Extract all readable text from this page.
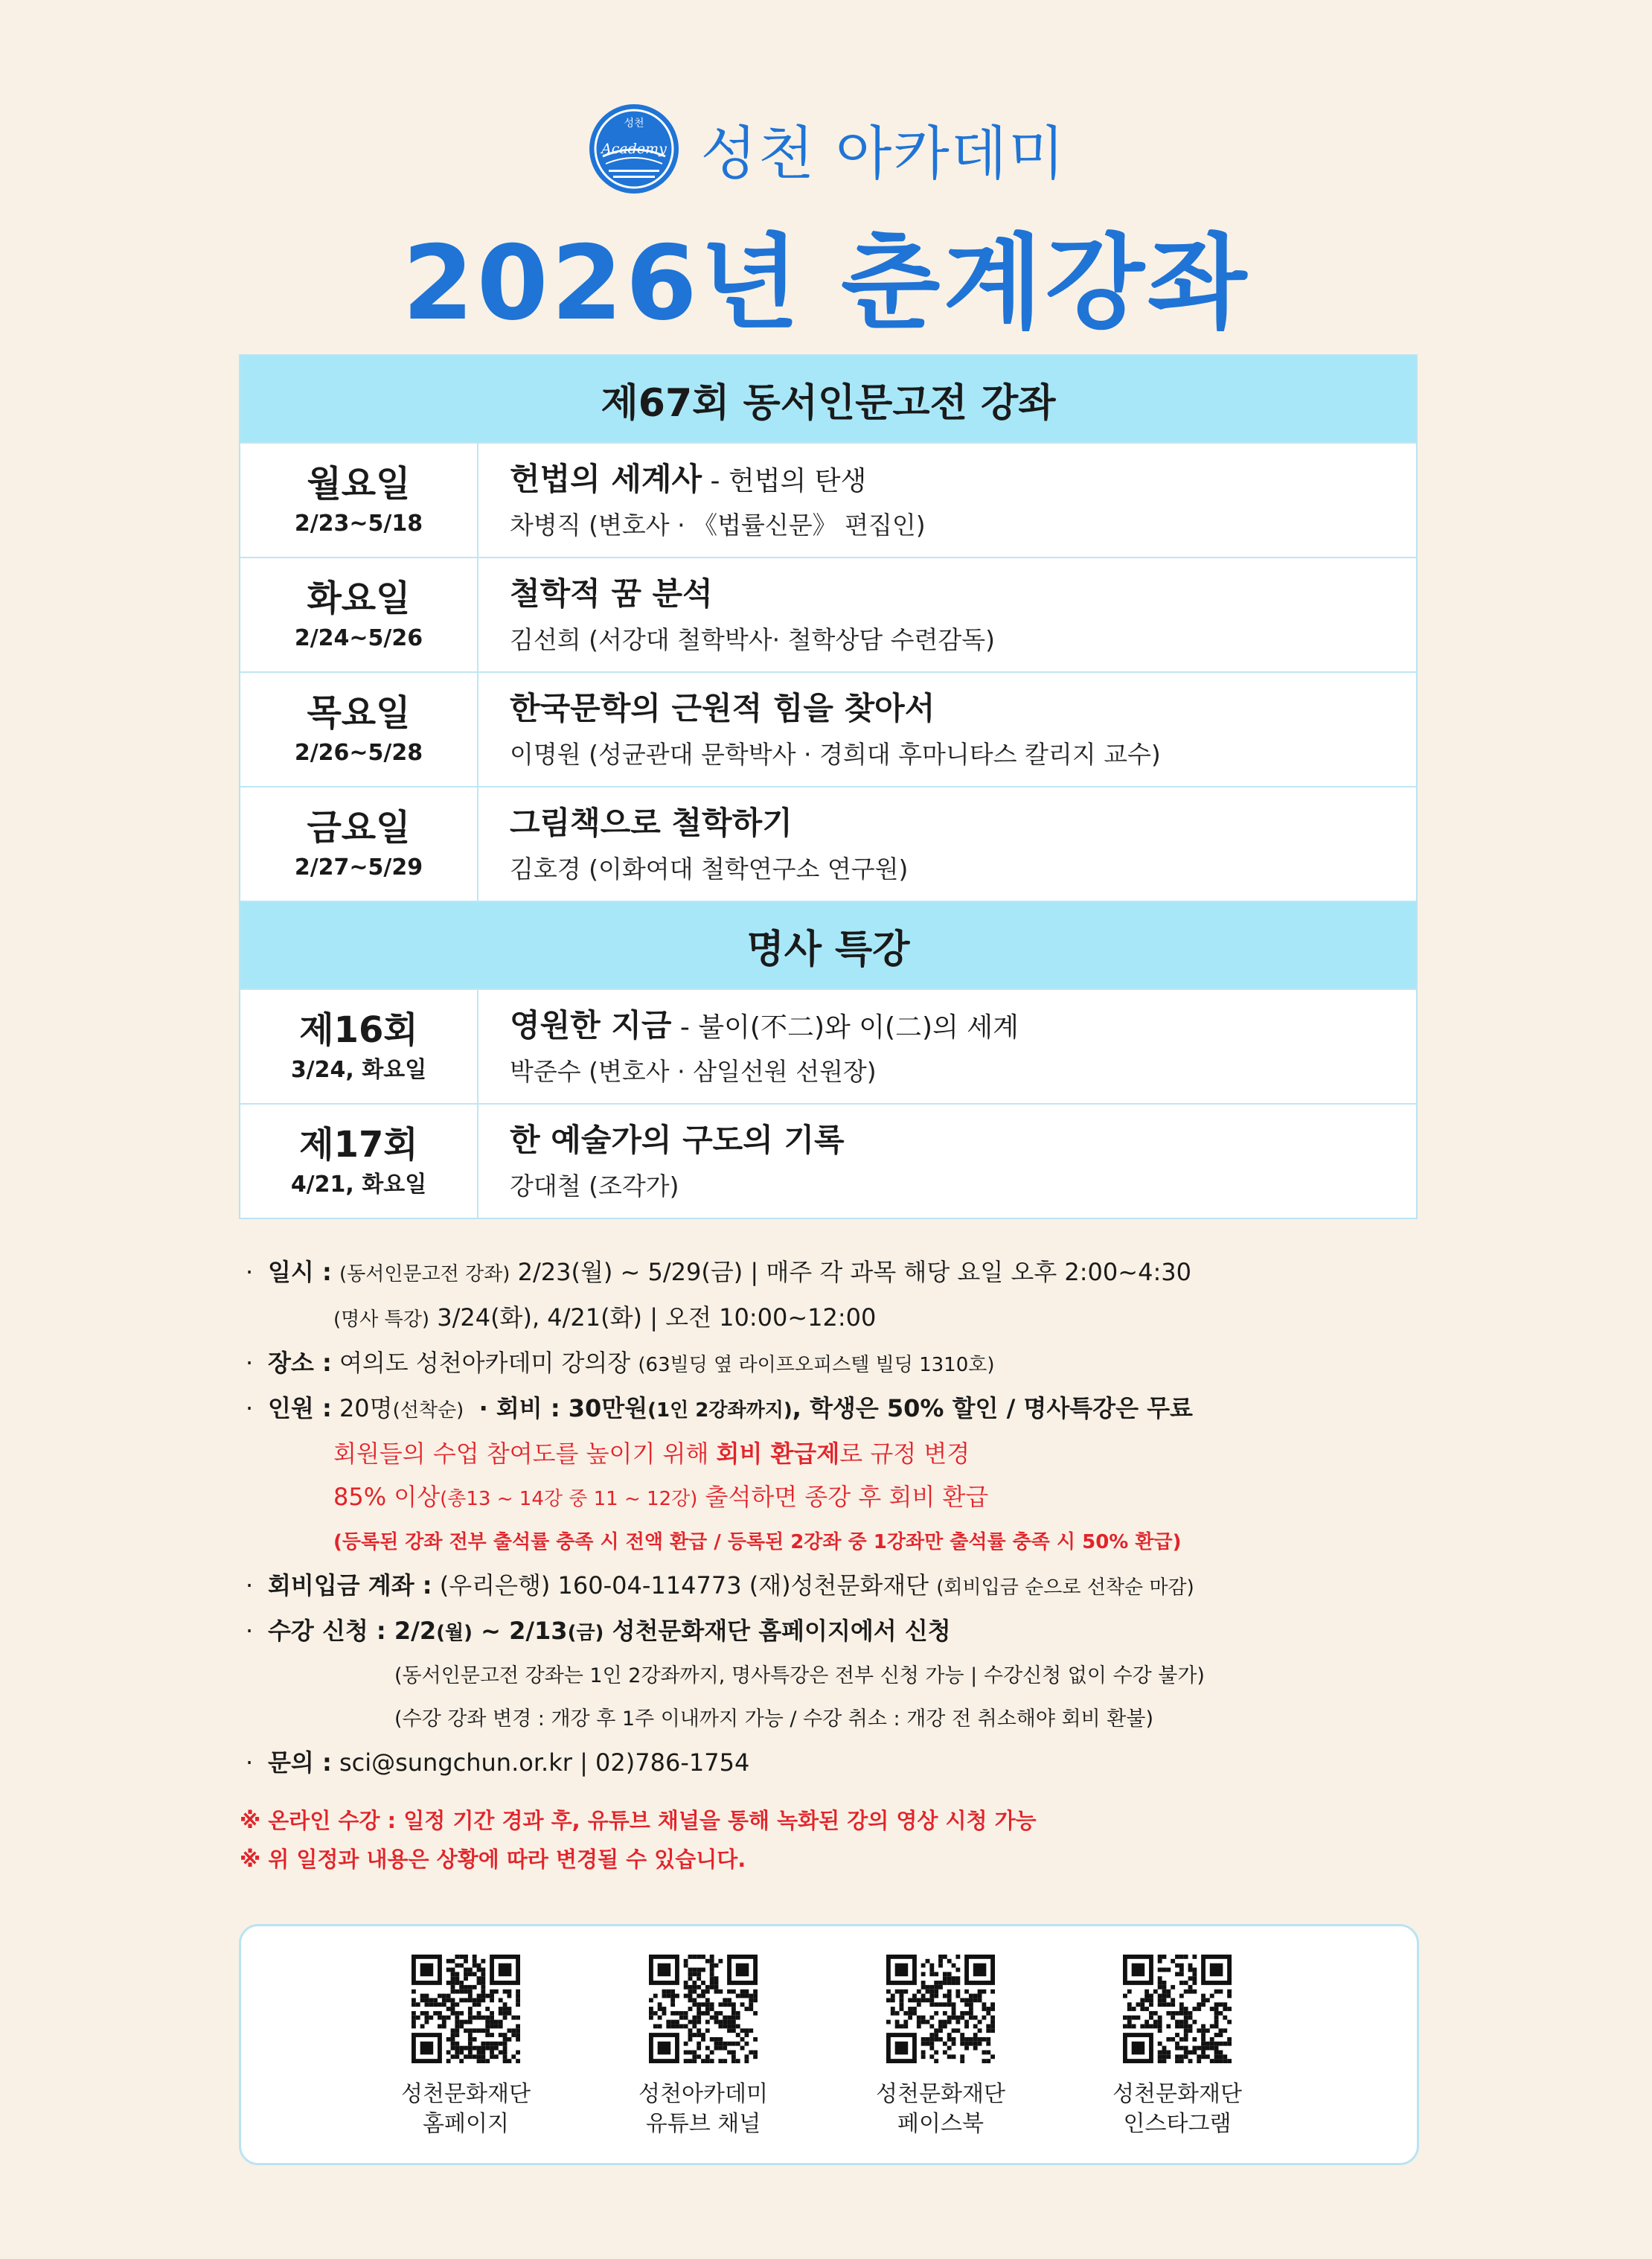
성천
Academy 성천 아카데미
2026년 춘계강좌
제67회 동서인문고전 강좌
월요일
2/23~5/18
헌법의 세계사 - 헌법의 탄생
차병직 (변호사 · 《법률신문》 편집인)
화요일
2/24~5/26
철학적 꿈 분석
김선희 (서강대 철학박사· 철학상담 수련감독)
목요일
2/26~5/28
한국문학의 근원적 힘을 찾아서
이명원 (성균관대 문학박사 · 경희대 후마니타스 칼리지 교수)
금요일
2/27~5/29
그림책으로 철학하기
김호경 (이화여대 철학연구소 연구원)
명사 특강
제16회
3/24, 화요일
영원한 지금 - 불이(不二)와 이(二)의 세계
박준수 (변호사 · 삼일선원 선원장)
제17회
4/21, 화요일
한 예술가의 구도의 기록
강대철 (조각가)
· 일시 : (동서인문고전 강좌) 2/23(월) ~ 5/29(금) | 매주 각 과목 해당 요일 오후 2:00~4:30
(명사 특강) 3/24(화), 4/21(화) | 오전 10:00~12:00
· 장소 : 여의도 성천아카데미 강의장 (63빌딩 옆 라이프오피스텔 빌딩 1310호)
· 인원 : 20명(선착순) · 회비 : 30만원(1인 2강좌까지), 학생은 50% 할인 / 명사특강은 무료
회원들의 수업 참여도를 높이기 위해 회비 환급제로 규정 변경
85% 이상(총13 ~ 14강 중 11 ~ 12강) 출석하면 종강 후 회비 환급
(등록된 강좌 전부 출석률 충족 시 전액 환급 / 등록된 2강좌 중 1강좌만 출석률 충족 시 50% 환급)
· 회비입금 계좌 : (우리은행) 160-04-114773 (재)성천문화재단 (회비입금 순으로 선착순 마감)
· 수강 신청 : 2/2(월) ~ 2/13(금) 성천문화재단 홈페이지에서 신청
(동서인문고전 강좌는 1인 2강좌까지, 명사특강은 전부 신청 가능 | 수강신청 없이 수강 불가)
(수강 강좌 변경 : 개강 후 1주 이내까지 가능 / 수강 취소 : 개강 전 취소해야 회비 환불)
· 문의 : sci@sungchun.or.kr | 02)786-1754
※ 온라인 수강 : 일정 기간 경과 후, 유튜브 채널을 통해 녹화된 강의 영상 시청 가능
※ 위 일정과 내용은 상황에 따라 변경될 수 있습니다.
성천문화재단
홈페이지
성천아카데미
유튜브 채널
성천문화재단
페이스북
성천문화재단
인스타그램
